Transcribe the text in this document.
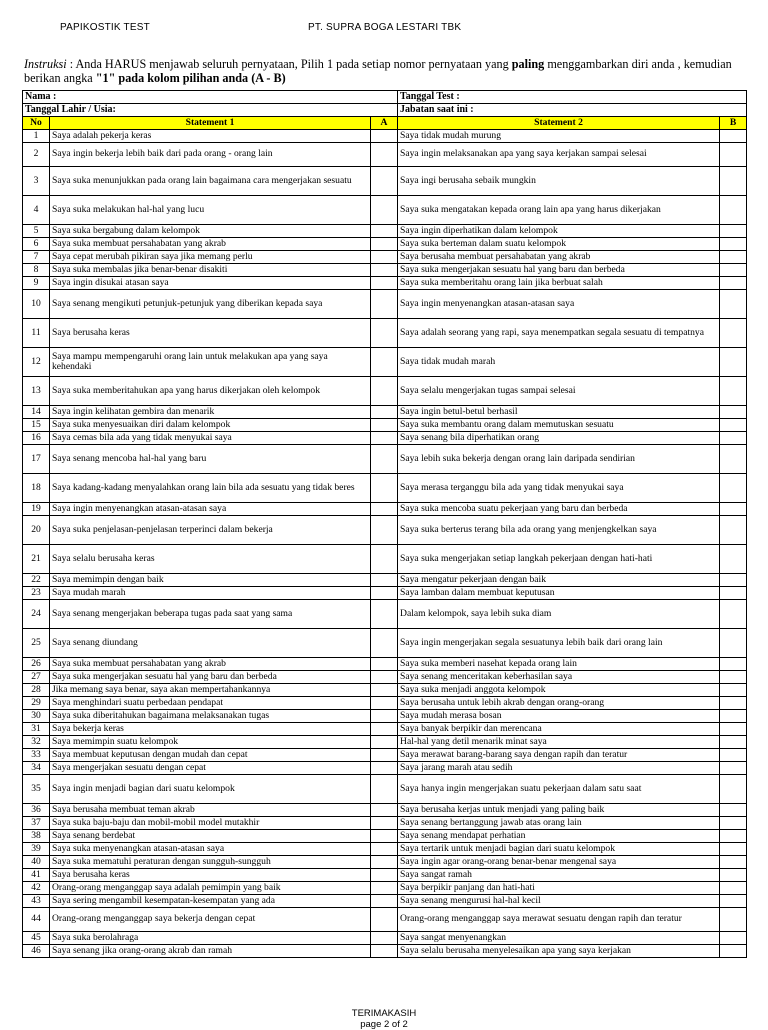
PAPIKOSTIK TEST	PT. SUPRA BOGA LESTARI TBK
Instruksi : Anda HARUS menjawab seluruh pernyataan, Pilih 1 pada setiap nomor pernyataan yang paling menggambarkan diri anda , kemudian berikan angka "1" pada kolom pilihan anda (A - B)
Nama :			Tanggal Test :	
Tanggal Lahir / Usia:			Jabatan saat ini :	
No	Statement 1	A	Statement 2	B
1	Saya adalah pekerja keras		Saya tidak mudah murung	
2	Saya ingin bekerja lebih baik dari pada orang - orang lain		Saya ingin melaksanakan apa yang saya kerjakan sampai selesai	
3	Saya suka menunjukkan pada orang lain bagaimana cara mengerjakan sesuatu		Saya ingi berusaha sebaik mungkin	
4	Saya suka melakukan hal-hal yang lucu		Saya suka mengatakan kepada orang lain apa yang harus dikerjakan	
5	Saya suka bergabung dalam kelompok		Saya ingin diperhatikan dalam kelompok	
6	Saya suka membuat persahabatan yang akrab		Saya suka berteman dalam suatu kelompok	
7	Saya cepat merubah pikiran saya jika memang perlu		Saya berusaha membuat persahabatan yang akrab	
8	Saya suka membalas jika benar-benar disakiti		Saya suka mengerjakan sesuatu hal yang baru dan berbeda	
9	Saya ingin disukai atasan saya		Saya suka memberitahu orang lain jika berbuat salah	
10	Saya senang mengikuti petunjuk-petunjuk yang diberikan kepada saya		Saya ingin menyenangkan atasan-atasan saya	
11	Saya berusaha keras		Saya adalah seorang yang rapi, saya menempatkan segala sesuatu di tempatnya	
12	Saya mampu mempengaruhi orang lain untuk melakukan apa yang saya kehendaki		Saya tidak mudah marah	
13	Saya suka memberitahukan apa yang harus dikerjakan oleh kelompok		Saya selalu mengerjakan tugas sampai selesai	
14	Saya ingin kelihatan gembira dan menarik		Saya ingin betul-betul berhasil	
15	Saya suka menyesuaikan diri dalam kelompok		Saya suka membantu orang dalam memutuskan sesuatu	
16	Saya cemas bila ada yang tidak menyukai saya		Saya senang bila diperhatikan orang	
17	Saya senang mencoba hal-hal yang baru		Saya lebih suka bekerja dengan orang lain daripada sendirian	
18	Saya kadang-kadang menyalahkan orang lain bila ada sesuatu yang tidak beres		Saya merasa terganggu bila ada yang tidak menyukai saya	
19	Saya ingin menyenangkan atasan-atasan saya		Saya suka mencoba suatu pekerjaan yang baru dan berbeda	
20	Saya suka penjelasan-penjelasan terperinci dalam bekerja		Saya suka berterus terang bila ada orang yang menjengkelkan saya	
21	Saya selalu berusaha keras		Saya suka mengerjakan setiap langkah pekerjaan dengan hati-hati	
22	Saya memimpin dengan baik		Saya mengatur pekerjaan dengan baik	
23	Saya mudah marah		Saya lamban dalam membuat keputusan	
24	Saya senang mengerjakan beberapa tugas pada saat yang sama		Dalam kelompok, saya lebih suka diam	
25	Saya senang diundang		Saya ingin mengerjakan segala sesuatunya lebih baik dari orang lain	
26	Saya suka membuat persahabatan yang akrab		Saya suka memberi nasehat kepada orang lain	
27	Saya suka mengerjakan sesuatu hal yang baru dan berbeda		Saya senang menceritakan keberhasilan saya	
28	Jika memang saya benar, saya akan mempertahankannya		Saya suka menjadi anggota kelompok	
29	Saya menghindari suatu perbedaan pendapat		Saya berusaha untuk lebih akrab dengan orang-orang	
30	Saya suka diberitahukan bagaimana melaksanakan tugas		Saya mudah merasa bosan	
31	Saya bekerja keras		Saya banyak berpikir dan merencana	
32	Saya memimpin suatu kelompok		Hal-hal yang detil menarik minat saya	
33	Saya membuat keputusan dengan mudah dan cepat		Saya merawat barang-barang saya dengan rapih dan teratur	
34	Saya mengerjakan sesuatu dengan cepat		Saya jarang marah atau sedih	
35	Saya ingin menjadi bagian dari suatu kelompok		Saya hanya ingin mengerjakan suatu pekerjaan dalam satu saat	
36	Saya berusaha membuat teman akrab		Saya berusaha kerjas untuk menjadi yang paling baik	
37	Saya suka baju-baju dan mobil-mobil model mutakhir		Saya senang bertanggung jawab atas orang lain	
38	Saya senang berdebat		Saya senang mendapat perhatian	
39	Saya suka menyenangkan atasan-atasan saya		Saya tertarik untuk menjadi bagian dari suatu kelompok	
40	Saya suka mematuhi peraturan dengan sungguh-sungguh		Saya ingin agar orang-orang benar-benar mengenal saya	
41	Saya berusaha keras		Saya sangat ramah	
42	Orang-orang menganggap saya adalah pemimpin yang baik		Saya berpikir panjang dan hati-hati	
43	Saya sering mengambil kesempatan-kesempatan yang ada		Saya senang mengurusi hal-hal kecil	
44	Orang-orang menganggap saya bekerja dengan cepat		Orang-orang menganggap saya merawat sesuatu dengan rapih dan teratur	
45	Saya suka berolahraga		Saya sangat menyenangkan	
46	Saya senang jika orang-orang akrab dan ramah		Saya selalu berusaha menyelesaikan apa yang saya kerjakan	
TERIMAKASIH
page 2 of 2
